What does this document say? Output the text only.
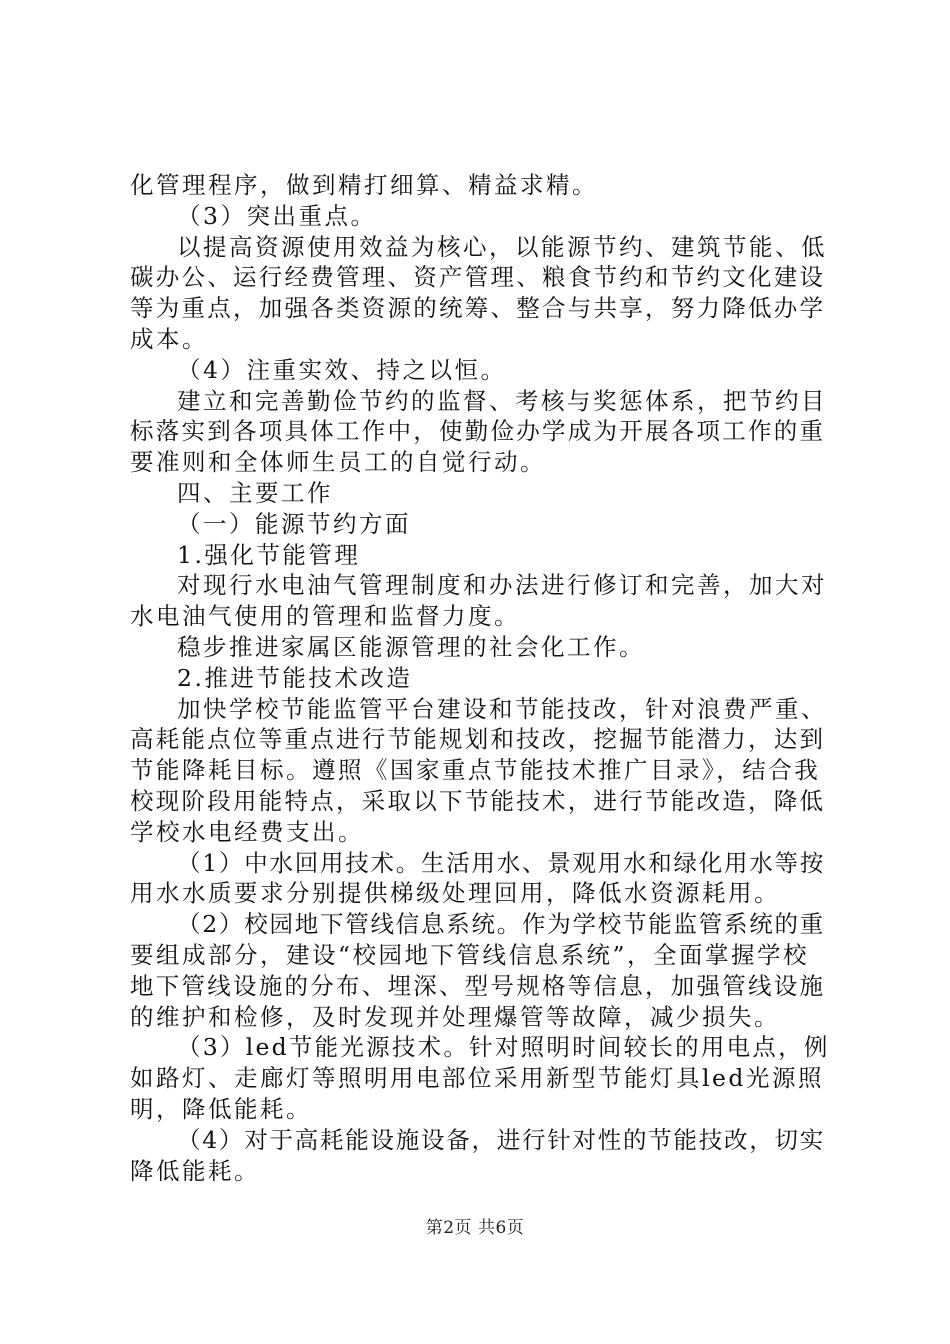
化管理程序，做到精打细算、精益求精。
（3）突出重点。
以提高资源使用效益为核心，以能源节约、建筑节能、低
碳办公、运行经费管理、资产管理、粮食节约和节约文化建设
等为重点，加强各类资源的统筹、整合与共享，努力降低办学
成本。
（4）注重实效、持之以恒。
建立和完善勤俭节约的监督、考核与奖惩体系，把节约目
标落实到各项具体工作中，使勤俭办学成为开展各项工作的重
要准则和全体师生员工的自觉行动。
四、主要工作
（一）能源节约方面
1.强化节能管理
对现行水电油气管理制度和办法进行修订和完善，加大对
水电油气使用的管理和监督力度。
稳步推进家属区能源管理的社会化工作。
2.推进节能技术改造
加快学校节能监管平台建设和节能技改，针对浪费严重、
高耗能点位等重点进行节能规划和技改，挖掘节能潜力，达到
节能降耗目标。遵照《国家重点节能技术推广目录》，结合我
校现阶段用能特点，采取以下节能技术，进行节能改造，降低
学校水电经费支出。
（1）中水回用技术。生活用水、景观用水和绿化用水等按
用水水质要求分别提供梯级处理回用，降低水资源耗用。
（2）校园地下管线信息系统。作为学校节能监管系统的重
要组成部分，建设“校园地下管线信息系统”，全面掌握学校
地下管线设施的分布、埋深、型号规格等信息，加强管线设施
的维护和检修，及时发现并处理爆管等故障，减少损失。
（3）led节能光源技术。针对照明时间较长的用电点，例
如路灯、走廊灯等照明用电部位采用新型节能灯具led光源照
明，降低能耗。
（4）对于高耗能设施设备，进行针对性的节能技改，切实
降低能耗。
第2页 共6页
